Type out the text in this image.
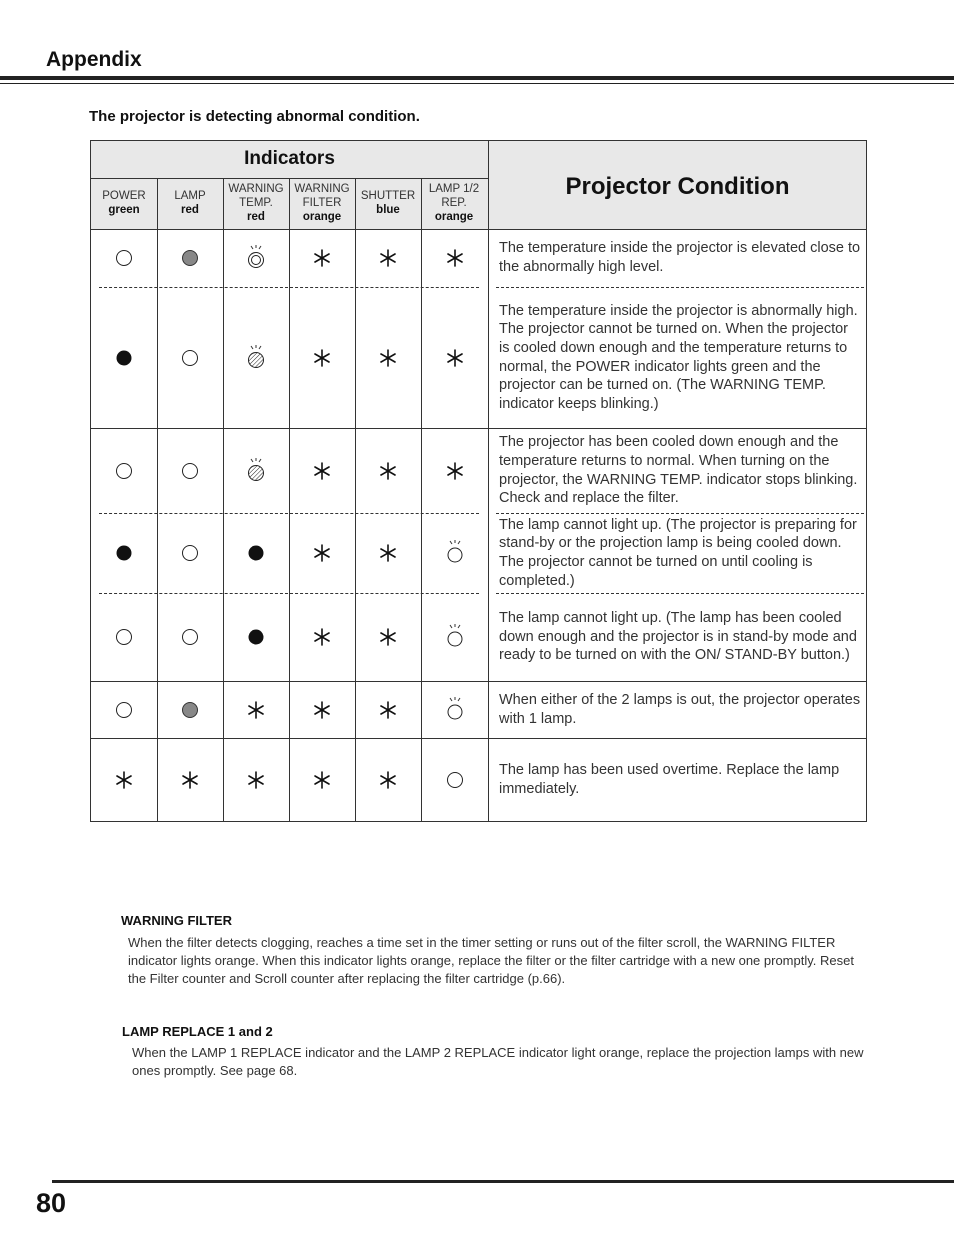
Appendix
The projector is detecting abnormal condition.
Indicators
Projector Condition
POWER
green
LAMP
red
WARNING TEMP.
red
WARNING FILTER
orange
SHUTTER
blue
LAMP 1/2 REP.
orange
The temperature inside the projector is elevated close to the abnormally high level.
The temperature inside the projector is abnormally high. The projector cannot be turned on. When the projector is cooled down enough and the temperature returns to normal, the POWER indicator lights green and the projector can be turned on. (The WARNING TEMP. indicator keeps blinking.)
The projector has been cooled down enough and the temperature returns to normal. When turning on the projector, the WARNING TEMP. indicator stops blinking. Check and replace the filter.
The lamp cannot light up. (The projector is preparing for stand-by or the projection lamp is being cooled down. The projector cannot be turned on until cooling is completed.)
The lamp cannot light up. (The lamp has been cooled down enough and the projector is in stand-by mode and ready to be turned on with the ON/ STAND-BY button.)
When either of the 2 lamps is out, the projector operates with 1 lamp.
The lamp has been used overtime. Replace the lamp immediately.
WARNING FILTER
When the filter detects clogging, reaches a time set in the timer setting or runs out of the filter scroll, the WARNING FILTER indicator lights orange. When this indicator lights orange, replace the filter or the filter cartridge with a new one promptly. Reset the Filter counter and Scroll counter after replacing the filter cartridge (p.66).
LAMP REPLACE 1 and 2
When the LAMP 1 REPLACE indicator and the LAMP 2 REPLACE indicator light orange, replace the projection lamps with new ones promptly. See page 68.
80
